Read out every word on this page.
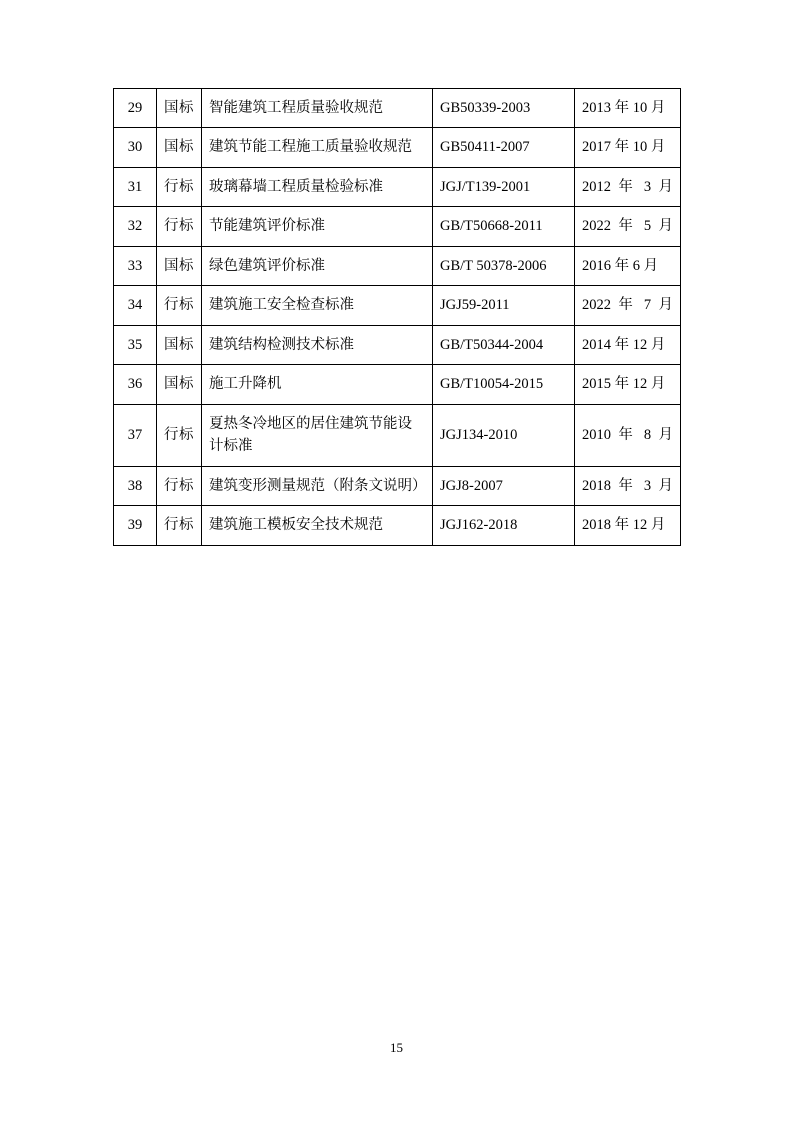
29	国标	智能建筑工程质量验收规范	GB50339-2003	2013 年 10 月
30	国标	建筑节能工程施工质量验收规范	GB50411-2007	2017 年 10 月
31	行标	玻璃幕墙工程质量检验标准	JGJ/T139-2001	2012 年 3 月
32	行标	节能建筑评价标准	GB/T50668-2011	2022 年 5 月
33	国标	绿色建筑评价标准	GB/T 50378-2006	2016 年 6 月
34	行标	建筑施工安全检查标准	JGJ59-2011	2022 年 7 月
35	国标	建筑结构检测技术标准	GB/T50344-2004	2014 年 12 月
36	国标	施工升降机	GB/T10054-2015	2015 年 12 月
37	行标	夏热冬冷地区的居住建筑节能设计标准	JGJ134-2010	2010 年 8 月
38	行标	建筑变形测量规范（附条文说明）	JGJ8-2007	2018 年 3 月
39	行标	建筑施工模板安全技术规范	JGJ162-2018	2018 年 12 月
15
